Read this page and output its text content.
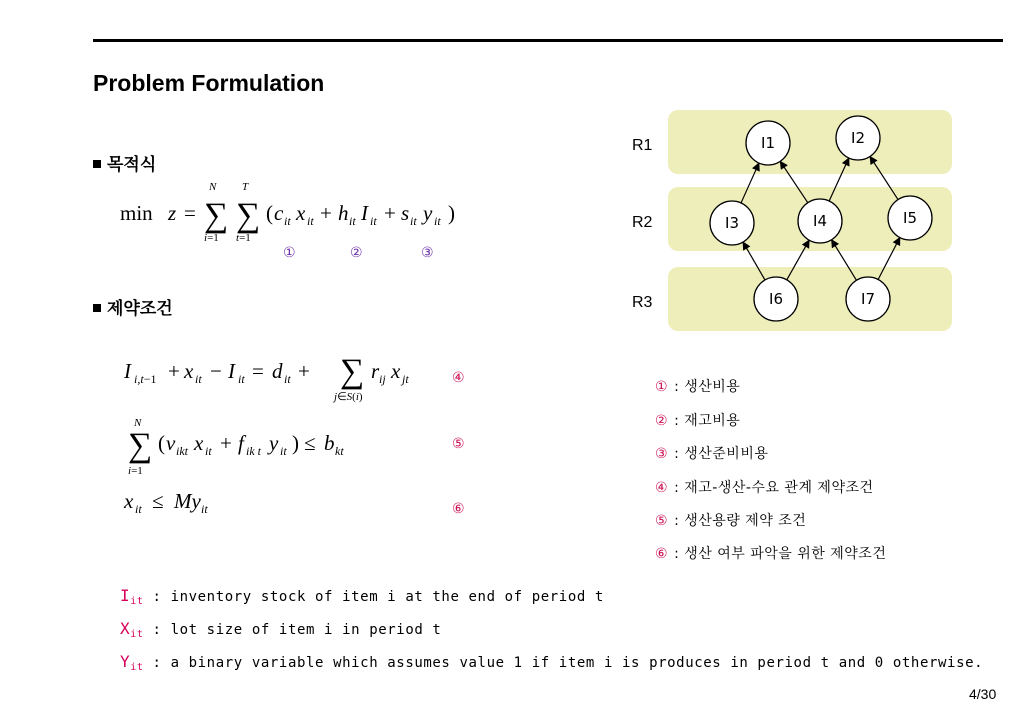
Problem Formulation
목적식
min z = ∑
N
i=1
∑
T
t=1
( c it x it + h it I it + s it y it )
①	②	③
제약조건
I i,t−1 + x it − I it = d it + ∑
j∈S(i)
r ij x jt
∑
N
i=1
( v ikt x it + f ik t y it ) ≤ b kt
x it ≤ My it
④
⑤
⑥
R1
R2
R3
I1	I2
I3	I4	I5
I6	I7
① : 생산비용
② : 재고비용
③ : 생산준비비용
④ : 재고-생산-수요 관계 제약조건
⑤ : 생산용량 제약 조건
⑥ : 생산 여부 파악을 위한 제약조건
$I_{it}$ : inventory stock of item i at the end of period t
$X_{it}$ : lot size of item i in period t
$Y_{it}$ : a binary variable which assumes value 1 if item i is produces in period t and 0 otherwise.
4/30
